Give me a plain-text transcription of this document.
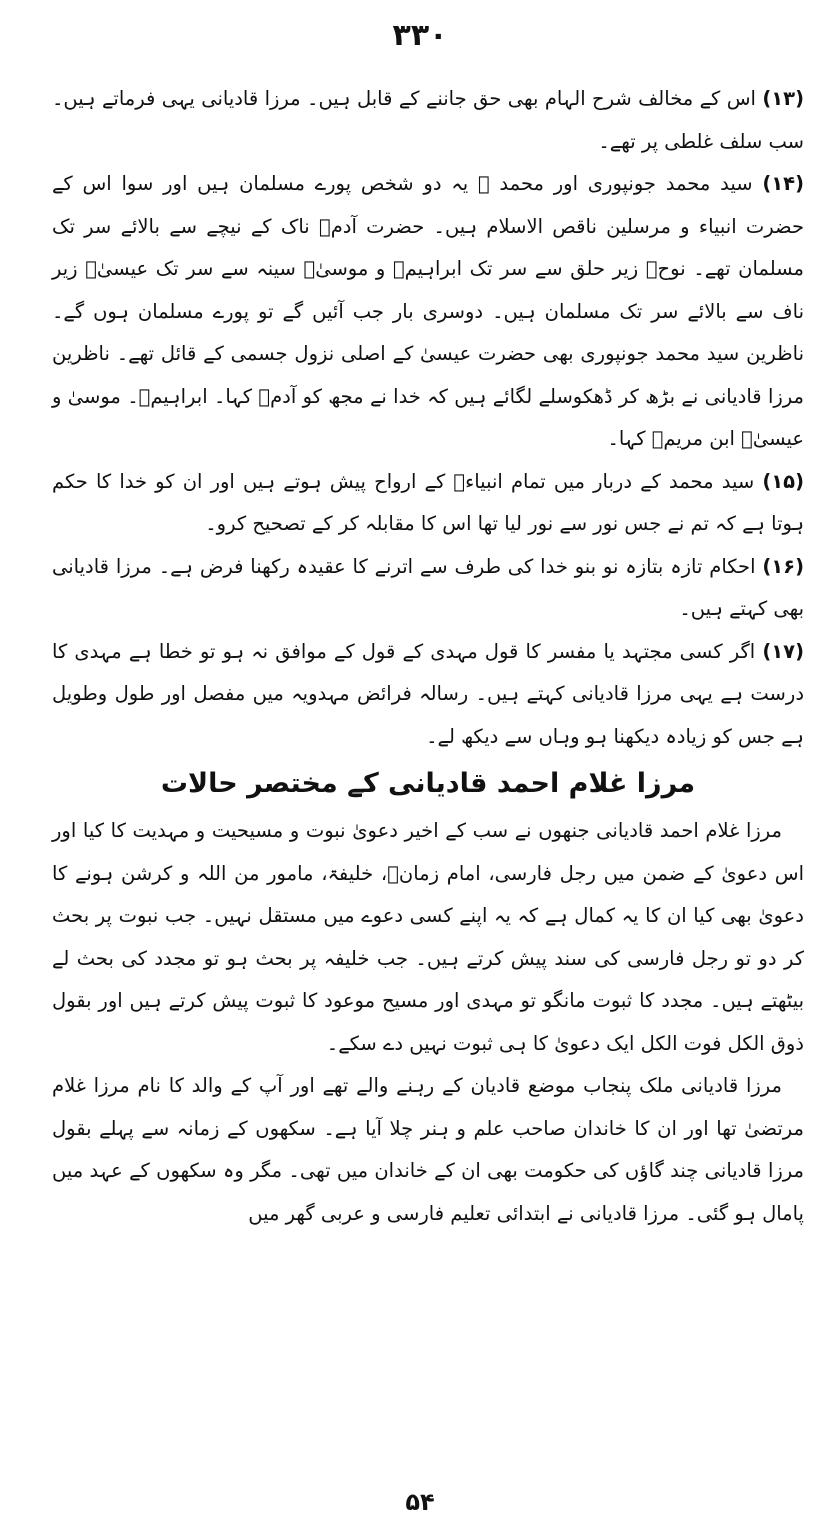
۳۳۰

(۱۳) اس کے مخالف شرح الہام بھی حق جاننے کے قابل ہیں۔ مرزا قادیانی یہی فرماتے ہیں۔ سب سلف غلطی پر تھے۔

(۱۴) سید محمد جونپوری اور محمد ﷺ یہ دو شخص پورے مسلمان ہیں اور سوا اس کے حضرت انبیاء و مرسلین ناقص الاسلام ہیں۔ حضرت آدمؑ ناک کے نیچے سے بالائے سر تک مسلمان تھے۔ نوحؑ زیر حلق سے سر تک ابراہیمؑ و موسیٰؑ سینہ سے سر تک عیسیٰؑ زیر ناف سے بالائے سر تک مسلمان ہیں۔ دوسری بار جب آئیں گے تو پورے مسلمان ہوں گے۔ ناظرین سید محمد جونپوری بھی حضرت عیسیٰ کے اصلی نزول جسمی کے قائل تھے۔ ناظرین مرزا قادیانی نے بڑھ کر ڈھکوسلے لگائے ہیں کہ خدا نے مجھ کو آدمؑ کہا۔ ابراہیمؑ۔ موسیٰ و عیسیٰؑ ابن مریمؑ کہا۔

(۱۵) سید محمد کے دربار میں تمام انبیاءؑ کے ارواح پیش ہوتے ہیں اور ان کو خدا کا حکم ہوتا ہے کہ تم نے جس نور سے نور لیا تھا اس کا مقابلہ کر کے تصحیح کرو۔

(۱۶) احکام تازہ بتازہ نو بنو خدا کی طرف سے اترنے کا عقیدہ رکھنا فرض ہے۔ مرزا قادیانی بھی کہتے ہیں۔

(۱۷) اگر کسی مجتہد یا مفسر کا قول مہدی کے قول کے موافق نہ ہو تو خطا ہے مہدی کا درست ہے یہی مرزا قادیانی کہتے ہیں۔ رسالہ فرائض مہدویہ میں مفصل اور طول وطویل ہے جس کو زیادہ دیکھنا ہو وہاں سے دیکھ لے۔

مرزا غلام احمد قادیانی کے مختصر حالات

مرزا غلام احمد قادیانی جنھوں نے سب کے اخیر دعویٰ نبوت و مسیحیت و مہدیت کا کیا اور اس دعویٰ کے ضمن میں رجل فارسی، امام زمانؑ، خلیفۃ، مامور من اللہ و کرشن ہونے کا دعویٰ بھی کیا ان کا یہ کمال ہے کہ یہ اپنے کسی دعوے میں مستقل نہیں۔ جب نبوت پر بحث کر دو تو رجل فارسی کی سند پیش کرتے ہیں۔ جب خلیفہ پر بحث ہو تو مجدد کی بحث لے بیٹھتے ہیں۔ مجدد کا ثبوت مانگو تو مہدی اور مسیح موعود کا ثبوت پیش کرتے ہیں اور بقول ذوق الکل فوت الکل ایک دعویٰ کا ہی ثبوت نہیں دے سکے۔

مرزا قادیانی ملک پنجاب موضع قادیان کے رہنے والے تھے اور آپ کے والد کا نام مرزا غلام مرتضیٰ تھا اور ان کا خاندان صاحب علم و ہنر چلا آیا ہے۔ سکھوں کے زمانہ سے پہلے بقول مرزا قادیانی چند گاؤں کی حکومت بھی ان کے خاندان میں تھی۔ مگر وہ سکھوں کے عہد میں پامال ہو گئی۔ مرزا قادیانی نے ابتدائی تعلیم فارسی و عربی گھر میں

۵۴
